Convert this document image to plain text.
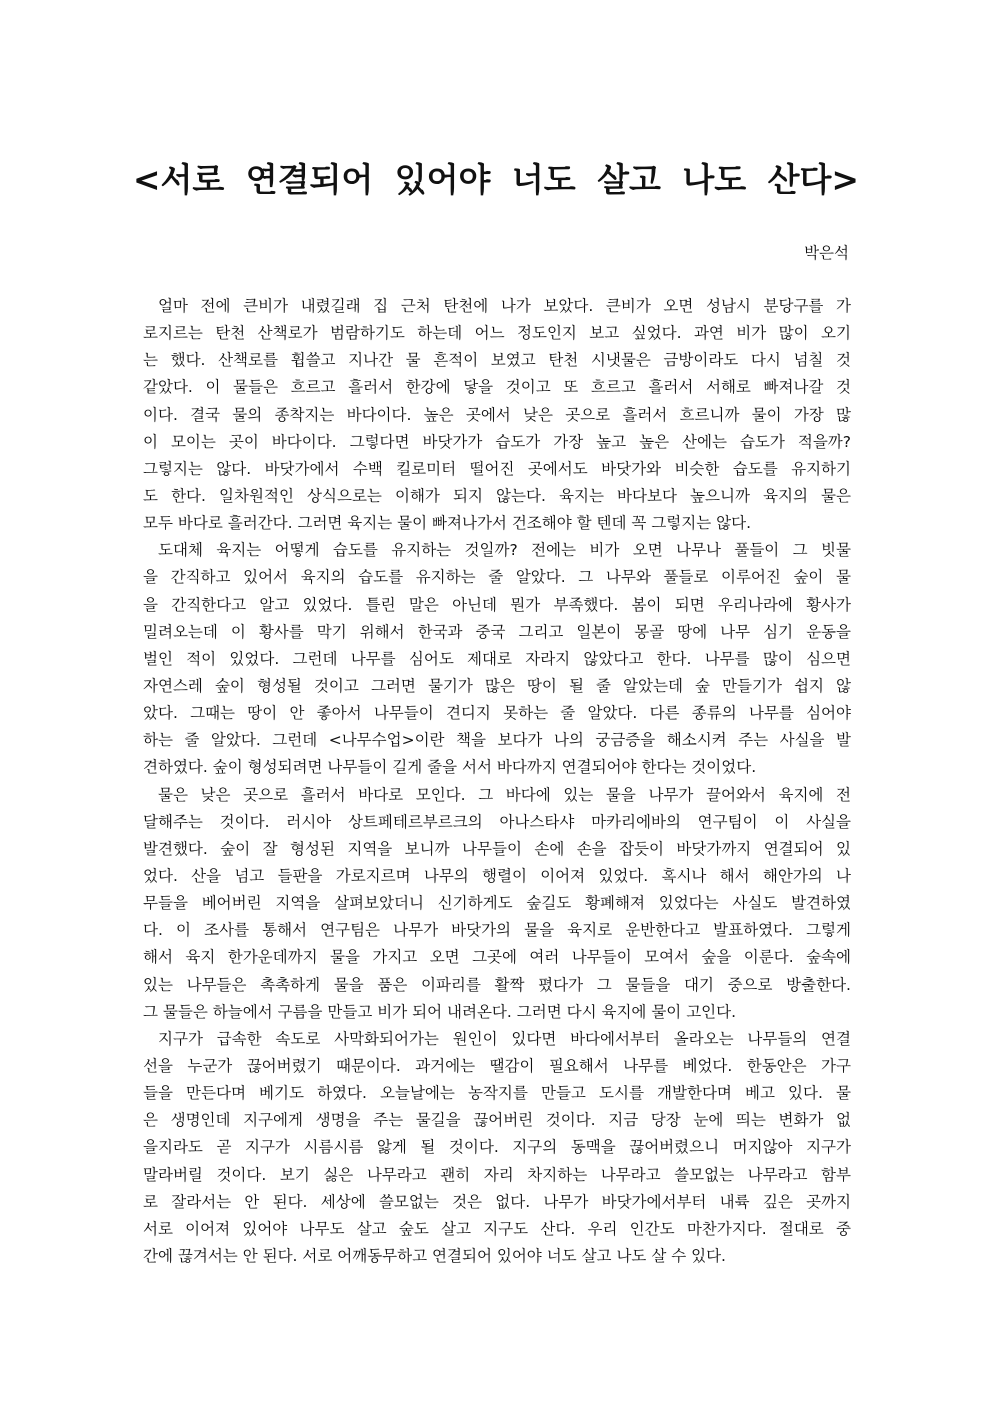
<서로 연결되어 있어야 너도 살고 나도 산다>

박은석

얼마 전에 큰비가 내렸길래 집 근처 탄천에 나가 보았다. 큰비가 오면 성남시 분당구를 가
로지르는 탄천 산책로가 범람하기도 하는데 어느 정도인지 보고 싶었다. 과연 비가 많이 오기
는 했다. 산책로를 휩쓸고 지나간 물 흔적이 보였고 탄천 시냇물은 금방이라도 다시 넘칠 것
같았다. 이 물들은 흐르고 흘러서 한강에 닿을 것이고 또 흐르고 흘러서 서해로 빠져나갈 것
이다. 결국 물의 종착지는 바다이다. 높은 곳에서 낮은 곳으로 흘러서 흐르니까 물이 가장 많
이 모이는 곳이 바다이다. 그렇다면 바닷가가 습도가 가장 높고 높은 산에는 습도가 적을까?
그렇지는 않다. 바닷가에서 수백 킬로미터 떨어진 곳에서도 바닷가와 비슷한 습도를 유지하기
도 한다. 일차원적인 상식으로는 이해가 되지 않는다. 육지는 바다보다 높으니까 육지의 물은
모두 바다로 흘러간다. 그러면 육지는 물이 빠져나가서 건조해야 할 텐데 꼭 그렇지는 않다.
도대체 육지는 어떻게 습도를 유지하는 것일까? 전에는 비가 오면 나무나 풀들이 그 빗물
을 간직하고 있어서 육지의 습도를 유지하는 줄 알았다. 그 나무와 풀들로 이루어진 숲이 물
을 간직한다고 알고 있었다. 틀린 말은 아닌데 뭔가 부족했다. 봄이 되면 우리나라에 황사가
밀려오는데 이 황사를 막기 위해서 한국과 중국 그리고 일본이 몽골 땅에 나무 심기 운동을
벌인 적이 있었다. 그런데 나무를 심어도 제대로 자라지 않았다고 한다. 나무를 많이 심으면
자연스레 숲이 형성될 것이고 그러면 물기가 많은 땅이 될 줄 알았는데 숲 만들기가 쉽지 않
았다. 그때는 땅이 안 좋아서 나무들이 견디지 못하는 줄 알았다. 다른 종류의 나무를 심어야
하는 줄 알았다. 그런데 <나무수업>이란 책을 보다가 나의 궁금증을 해소시켜 주는 사실을 발
견하였다. 숲이 형성되려면 나무들이 길게 줄을 서서 바다까지 연결되어야 한다는 것이었다.
물은 낮은 곳으로 흘러서 바다로 모인다. 그 바다에 있는 물을 나무가 끌어와서 육지에 전
달해주는 것이다. 러시아 상트페테르부르크의 아나스타샤 마카리에바의 연구팀이 이 사실을
발견했다. 숲이 잘 형성된 지역을 보니까 나무들이 손에 손을 잡듯이 바닷가까지 연결되어 있
었다. 산을 넘고 들판을 가로지르며 나무의 행렬이 이어져 있었다. 혹시나 해서 해안가의 나
무들을 베어버린 지역을 살펴보았더니 신기하게도 숲길도 황폐해져 있었다는 사실도 발견하였
다. 이 조사를 통해서 연구팀은 나무가 바닷가의 물을 육지로 운반한다고 발표하였다. 그렇게
해서 육지 한가운데까지 물을 가지고 오면 그곳에 여러 나무들이 모여서 숲을 이룬다. 숲속에
있는 나무들은 촉촉하게 물을 품은 이파리를 활짝 폈다가 그 물들을 대기 중으로 방출한다.
그 물들은 하늘에서 구름을 만들고 비가 되어 내려온다. 그러면 다시 육지에 물이 고인다.
지구가 급속한 속도로 사막화되어가는 원인이 있다면 바다에서부터 올라오는 나무들의 연결
선을 누군가 끊어버렸기 때문이다. 과거에는 땔감이 필요해서 나무를 베었다. 한동안은 가구
들을 만든다며 베기도 하였다. 오늘날에는 농작지를 만들고 도시를 개발한다며 베고 있다. 물
은 생명인데 지구에게 생명을 주는 물길을 끊어버린 것이다. 지금 당장 눈에 띄는 변화가 없
을지라도 곧 지구가 시름시름 앓게 될 것이다. 지구의 동맥을 끊어버렸으니 머지않아 지구가
말라버릴 것이다. 보기 싫은 나무라고 괜히 자리 차지하는 나무라고 쓸모없는 나무라고 함부
로 잘라서는 안 된다. 세상에 쓸모없는 것은 없다. 나무가 바닷가에서부터 내륙 깊은 곳까지
서로 이어져 있어야 나무도 살고 숲도 살고 지구도 산다. 우리 인간도 마찬가지다. 절대로 중
간에 끊겨서는 안 된다. 서로 어깨동무하고 연결되어 있어야 너도 살고 나도 살 수 있다.
